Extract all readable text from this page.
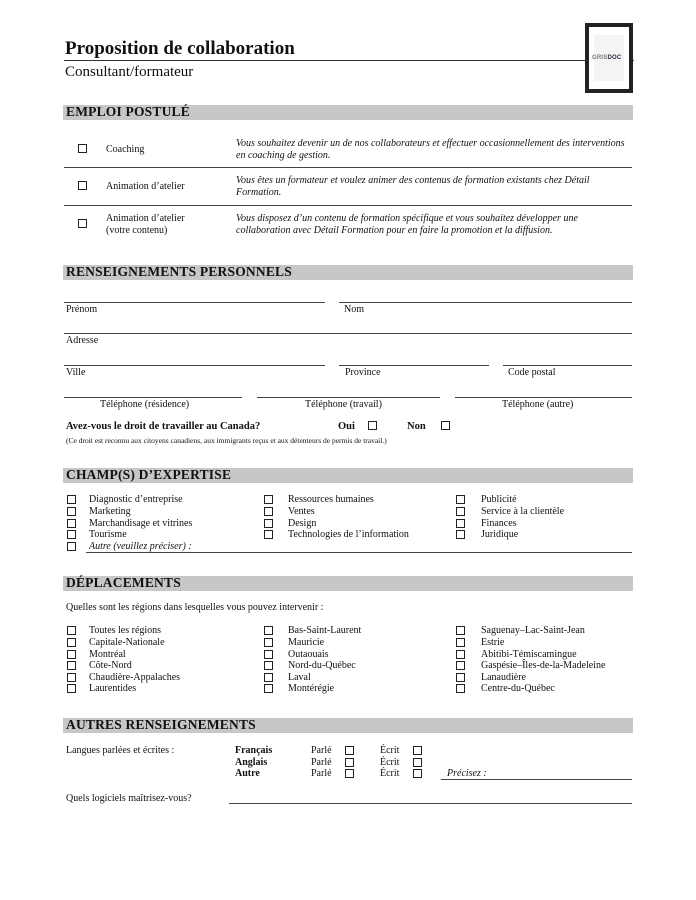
Proposition de collaboration
Consultant/formateur
GRISDOC
EMPLOI POSTULÉ
Coaching
Vous souhaitez devenir un de nos collaborateurs et effectuer occasionnellement des interventions en coaching de gestion.
Animation d’atelier
Vous êtes un formateur et voulez animer des contenus de formation existants chez Détail Formation.
Animation d’atelier
(votre contenu)
Vous disposez d’un contenu de formation spécifique et vous souhaitez développer une collaboration avec Détail Formation pour en faire la promotion et la diffusion.
RENSEIGNEMENTS PERSONNELS
Prénom	Nom
Adresse
Ville	Province	Code postal
Téléphone (résidence)	Téléphone (travail)	Téléphone (autre)
Avez-vous le droit de travailler au Canada?	Oui	Non
(Ce droit est reconnu aux citoyens canadiens, aux immigrants reçus et aux détenteurs de permis de travail.)
CHAMP(S) D’EXPERTISE
Diagnostic d’entreprise
Marketing
Marchandisage et vitrines
Tourisme
Ressources humaines
Ventes
Design
Technologies de l’information
Publicité
Service à la clientèle
Finances
Juridique
Autre (veuillez préciser) :
DÉPLACEMENTS
Quelles sont les régions dans lesquelles vous pouvez intervenir :
Toutes les régions
Capitale-Nationale
Montréal
Côte-Nord
Chaudière-Appalaches
Laurentides
Bas-Saint-Laurent
Mauricie
Outaouais
Nord-du-Québec
Laval
Montérégie
Saguenay–Lac-Saint-Jean
Estrie
Abitibi-Témiscamingue
Gaspésie–Îles-de-la-Madeleine
Lanaudière
Centre-du-Québec
AUTRES RENSEIGNEMENTS
Langues parlées et écrites :	Français	Parlé	Écrit
Anglais	Parlé	Écrit
Autre	Parlé	Écrit	Précisez :
Quels logiciels maîtrisez-vous?
